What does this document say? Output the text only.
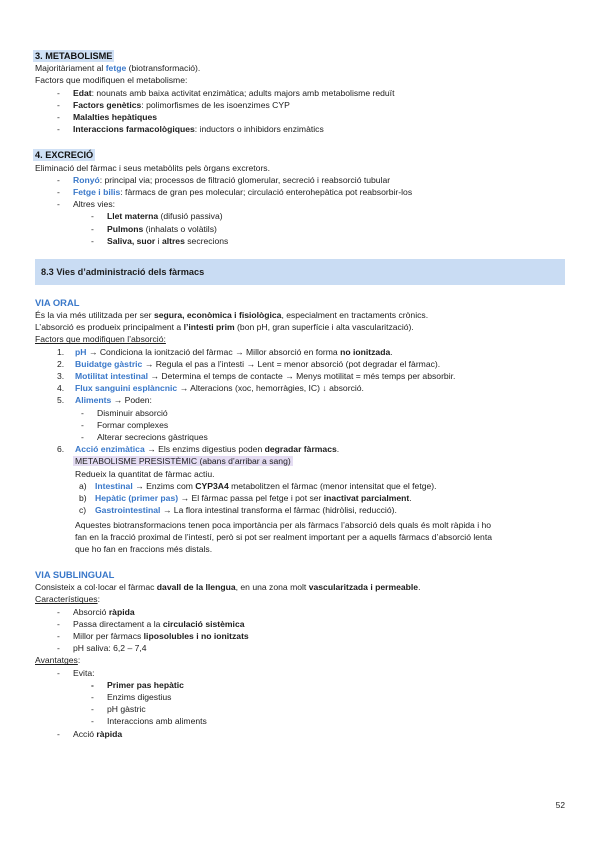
3. METABOLISME
Majoritàriament al fetge (biotransformació).
Factors que modifiquen el metabolisme:
- Edat: nounats amb baixa activitat enzimàtica; adults majors amb metabolisme reduït
- Factors genètics: polimorfismes de les isoenzimes CYP
- Malalties hepàtiques
- Interaccions farmacològiques: inductors o inhibidors enzimàtics
4. EXCRECIÓ
Eliminació del fàrmac i seus metabòlits pels òrgans excretors.
- Ronyó: principal via; processos de filtració glomerular, secreció i reabsorció tubular
- Fetge i bilis: fàrmacs de gran pes molecular; circulació enterohepàtica pot reabsorbir-los
- Altres vies:
- Llet materna (difusió passiva)
- Pulmons (inhalats o volàtils)
- Saliva, suor i altres secrecions
8.3 Vies d’administració dels fàrmacs
VIA ORAL
És la via més utilitzada per ser segura, econòmica i fisiològica, especialment en tractaments crònics.
L’absorció es produeix principalment a l’intesti prim (bon pH, gran superfície i alta vascularització).
Factors que modifiquen l’absorció:
1. pH → Condiciona la ionització del fàrmac → Millor absorció en forma no ionitzada.
2. Buidatge gàstric → Regula el pas a l’intesti → Lent = menor absorció (pot degradar el fàrmac).
3. Motilitat intestinal → Determina el temps de contacte → Menys motilitat = més temps per absorbir.
4. Flux sanguini esplàncnic → Alteracions (xoc, hemorràgies, IC) ↓ absorció.
5. Aliments → Poden:
- Disminuir absorció
- Formar complexes
- Alterar secrecions gàstriques
6. Acció enzimàtica → Els enzims digestius poden degradar fàrmacs.
METABOLISME PRESISTÈMIC (abans d’arribar a sang)
Redueix la quantitat de fàrmac actiu.
a) Intestinal → Enzims com CYP3A4 metabolitzen el fàrmac (menor intensitat que el fetge).
b) Hepàtic (primer pas) → El fàrmac passa pel fetge i pot ser inactivat parcialment.
c) Gastrointestinal → La flora intestinal transforma el fàrmac (hidròlisi, reducció).
Aquestes biotransformacions tenen poca importància per als fàrmacs l’absorció dels quals és molt ràpida i ho
fan en la fracció proximal de l’intestí, però si pot ser realment important per a aquells fàrmacs d’absorció lenta
que ho fan en fraccions més distals.
VIA SUBLINGUAL
Consisteix a col·locar el fàrmac davall de la llengua, en una zona molt vascularitzada i permeable.
Característiques:
- Absorció ràpida
- Passa directament a la circulació sistèmica
- Millor per fàrmacs liposolubles i no ionitzats
- pH saliva: 6,2 – 7,4
Avantatges:
- Evita:
- Primer pas hepàtic
- Enzims digestius
- pH gàstric
- Interaccions amb aliments
- Acció ràpida
52
